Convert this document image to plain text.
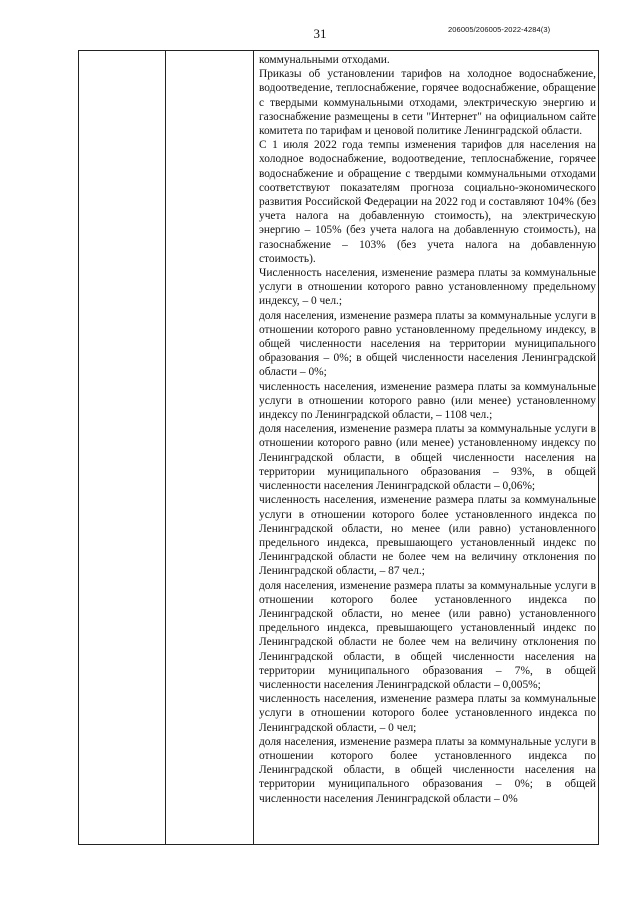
31	206005/206005-2022-4284(3)

коммунальными отходами.

Приказы об установлении тарифов на холодное водоснабжение, водоотведение, теплоснабжение, горячее водоснабжение, обращение с твердыми коммунальными отходами, электрическую энергию и газоснабжение размещены в сети "Интернет" на официальном сайте комитета по тарифам и ценовой политике Ленинградской области.

С 1 июля 2022 года темпы изменения тарифов для населения на холодное водоснабжение, водоотведение, теплоснабжение, горячее водоснабжение и обращение с твердыми коммунальными отходами соответствуют показателям прогноза социально-экономического развития Российской Федерации на 2022 год и составляют 104% (без учета налога на добавленную стоимость), на электрическую энергию – 105% (без учета налога на добавленную стоимость), на газоснабжение – 103% (без учета налога на добавленную стоимость).

Численность населения, изменение размера платы за коммунальные услуги в отношении которого равно установленному предельному индексу, – 0 чел.;

доля населения, изменение размера платы за коммунальные услуги в отношении которого равно установленному предельному индексу, в общей численности населения на территории муниципального образования – 0%; в общей численности населения Ленинградской области – 0%;

численность населения, изменение размера платы за коммунальные услуги в отношении которого равно (или менее) установленному индексу по Ленинградской области, – 1108 чел.;

доля населения, изменение размера платы за коммунальные услуги в отношении которого равно (или менее) установленному индексу по Ленинградской области, в общей численности населения на территории муниципального образования – 93%, в общей численности населения Ленинградской области – 0,06%;

численность населения, изменение размера платы за коммунальные услуги в отношении которого более установленного индекса по Ленинградской области, но менее (или равно) установленного предельного индекса, превышающего установленный индекс по Ленинградской области не более чем на величину отклонения по Ленинградской области, – 87 чел.;

доля населения, изменение размера платы за коммунальные услуги в отношении которого более установленного индекса по Ленинградской области, но менее (или равно) установленного предельного индекса, превышающего установленный индекс по Ленинградской области не более чем на величину отклонения по Ленинградской области, в общей численности населения на территории муниципального образования – 7%, в общей численности населения Ленинградской области – 0,005%;

численность населения, изменение размера платы за коммунальные услуги в отношении которого более установленного индекса по Ленинградской области, – 0 чел;

доля населения, изменение размера платы за коммунальные услуги в отношении которого более установленного индекса по Ленинградской области, в общей численности населения на территории муниципального образования – 0%; в общей численности населения Ленинградской области – 0%
